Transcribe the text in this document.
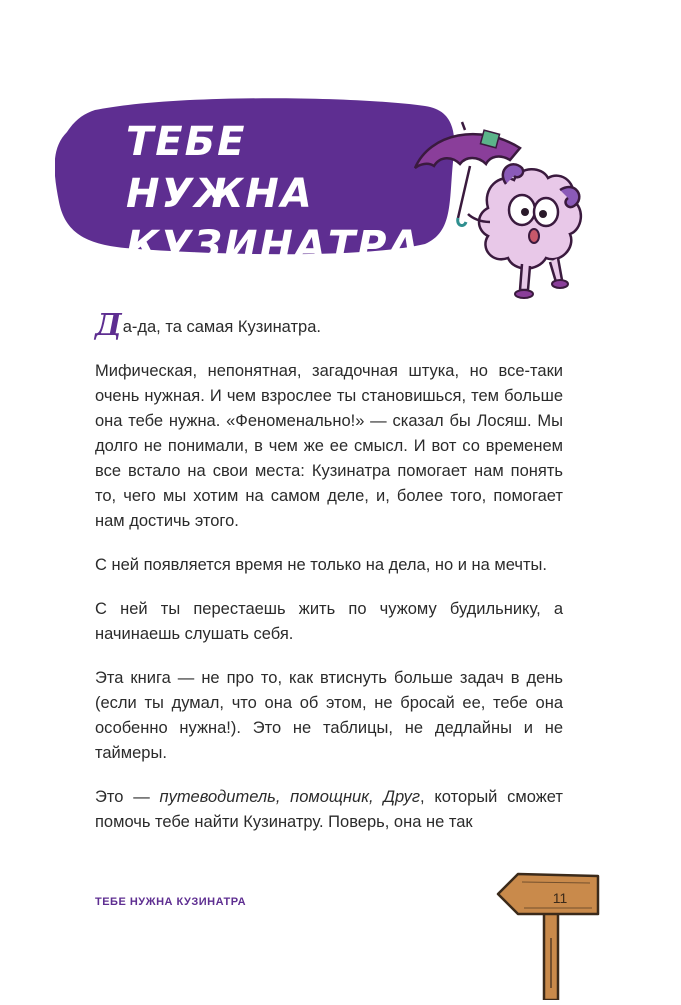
ТЕБЕ НУЖНА
КУЗИНАТРА
Д а-да, та самая Кузинатра.

Мифическая, непонятная, загадочная штука, но все-таки очень нужная. И чем взрослее ты становишься, тем больше она тебе нужна. «Феноменально!» — сказал бы Лосяш. Мы долго не понимали, в чем же ее смысл. И вот со временем все встало на свои места: Кузинатра помогает нам понять то, чего мы хотим на самом деле, и, более того, помогает нам достичь этого.

С ней появляется время не только на дела, но и на мечты.

С ней ты перестаешь жить по чужому будильнику, а начинаешь слушать себя.

Эта книга — не про то, как втиснуть больше задач в день (если ты думал, что она об этом, не бросай ее, тебе она особенно нужна!). Это не таблицы, не дедлайны и не таймеры.

Это — путеводитель, помощник, Друг, который сможет помочь тебе найти Кузинатру. Поверь, она не так

ТЕБЕ НУЖНА КУЗИНАТРА	11
